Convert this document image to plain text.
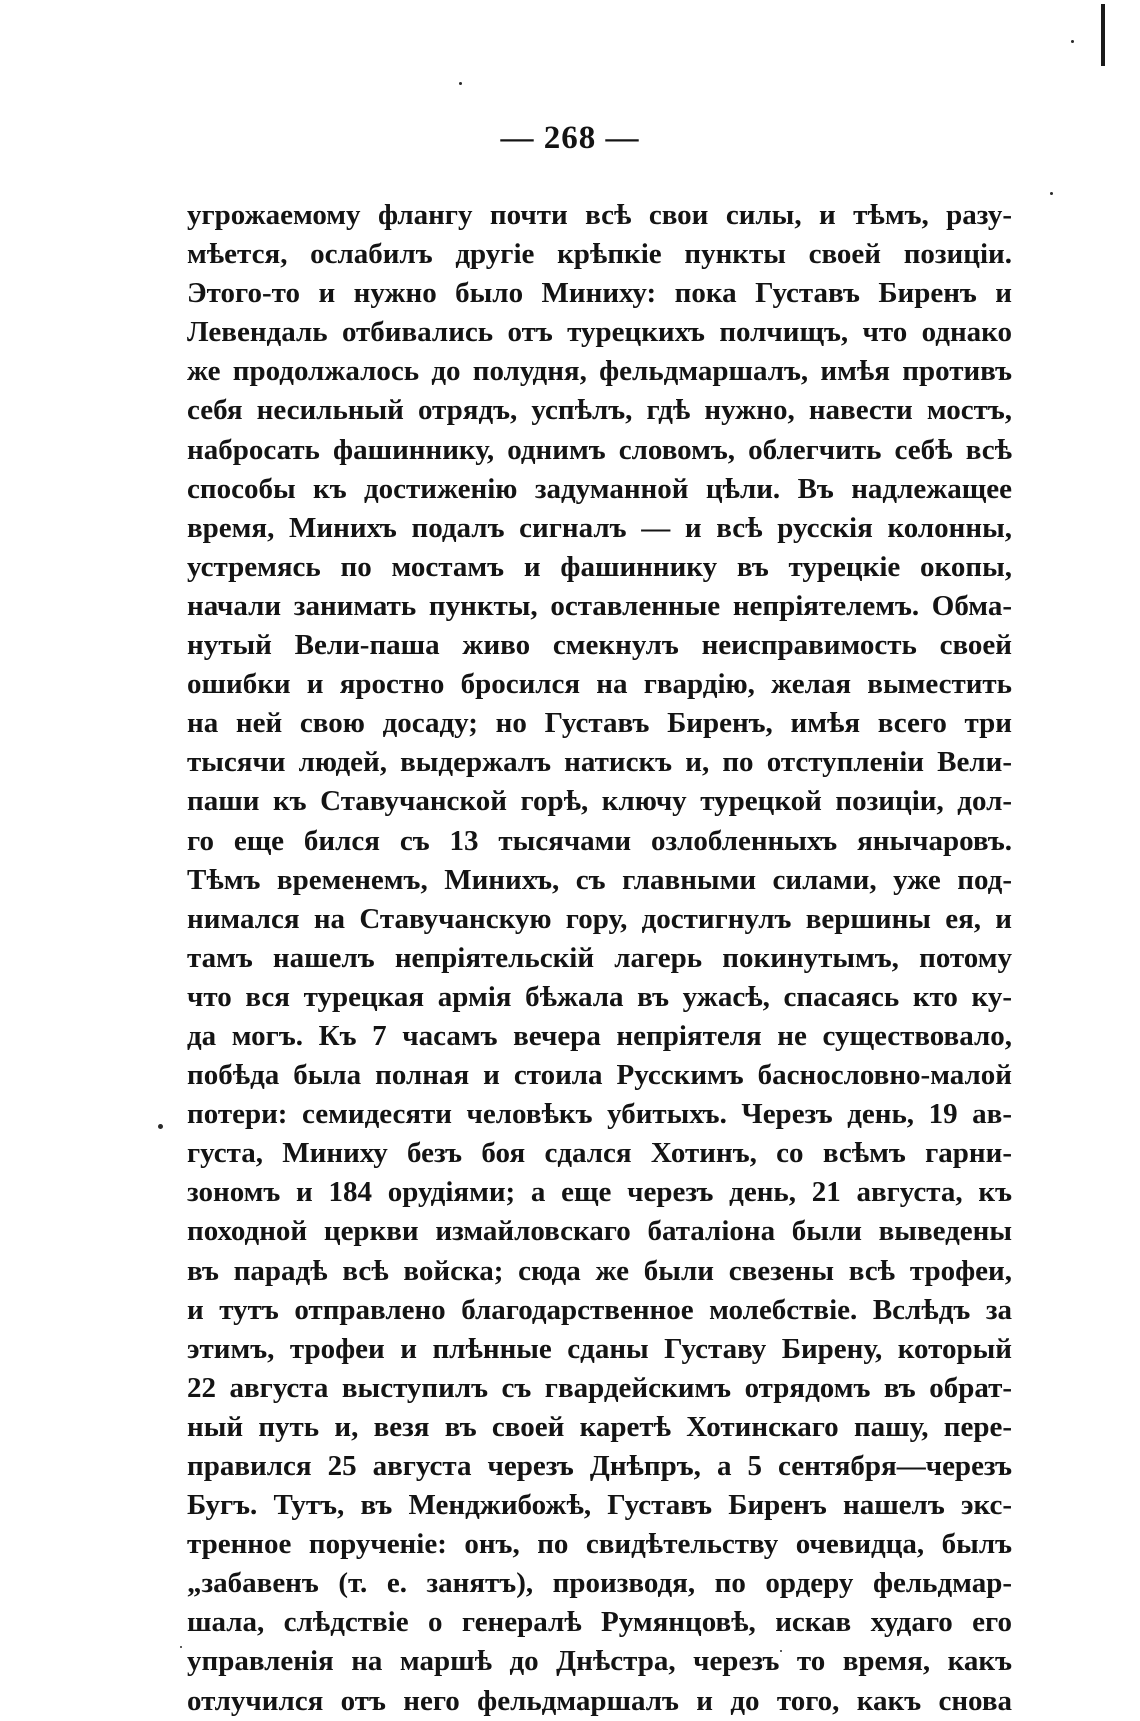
— 268 —
угрожаемому флангу почти всѣ свои силы, и тѣмъ, разу-
мѣется, ослабилъ другіе крѣпкіе пункты своей позиціи.
Этого-то и нужно было Миниху: пока Густавъ Биренъ и
Левендаль отбивались отъ турецкихъ полчищъ, что однако
же продолжалось до полудня, фельдмаршалъ, имѣя противъ
себя несильный отрядъ, успѣлъ, гдѣ нужно, навести мостъ,
набросать фашиннику, однимъ словомъ, облегчить себѣ всѣ
способы къ достиженію задуманной цѣли. Въ надлежащее
время, Минихъ подалъ сигналъ — и всѣ русскія колонны,
устремясь по мостамъ и фашиннику въ турецкіе окопы,
начали занимать пункты, оставленные непріятелемъ. Обма-
нутый Вели-паша живо смекнулъ неисправимость своей
ошибки и яростно бросился на гвардію, желая выместить
на ней свою досаду; но Густавъ Биренъ, имѣя всего три
тысячи людей, выдержалъ натискъ и, по отступленіи Вели-
паши къ Ставучанской горѣ, ключу турецкой позиціи, дол-
го еще бился съ 13 тысячами озлобленныхъ янычаровъ.
Тѣмъ временемъ, Минихъ, съ главными силами, уже под-
нимался на Ставучанскую гору, достигнулъ вершины ея, и
тамъ нашелъ непріятельскій лагерь покинутымъ, потому
что вся турецкая армія бѣжала въ ужасѣ, спасаясь кто ку-
да могъ. Къ 7 часамъ вечера непріятеля не существовало,
побѣда была полная и стоила Русскимъ баснословно-малой
потери: семидесяти человѣкъ убитыхъ. Черезъ день, 19 ав-
густа, Миниху безъ боя сдался Хотинъ, со всѣмъ гарни-
зономъ и 184 орудіями; а еще черезъ день, 21 августа, къ
походной церкви измайловскаго баталіона были выведены
въ парадѣ всѣ войска; сюда же были свезены всѣ трофеи,
и тутъ отправлено благодарственное молебствіе. Вслѣдъ за
этимъ, трофеи и плѣнные сданы Густаву Бирену, который
22 августа выступилъ съ гвардейскимъ отрядомъ въ обрат-
ный путь и, везя въ своей каретѣ Хотинскаго пашу, пере-
правился 25 августа черезъ Днѣпръ, а 5 сентября—черезъ
Бугъ. Тутъ, въ Менджибожѣ, Густавъ Биренъ нашелъ экс-
тренное порученіе: онъ, по свидѣтельству очевидца, былъ
„забавенъ (т. е. занятъ), производя, по ордеру фельдмар-
шала, слѣдствіе о генералѣ Румянцовѣ, искав худаго его
управленія на маршѣ до Днѣстра, черезъ то время, какъ
отлучился отъ него фельдмаршалъ и до того, какъ снова
